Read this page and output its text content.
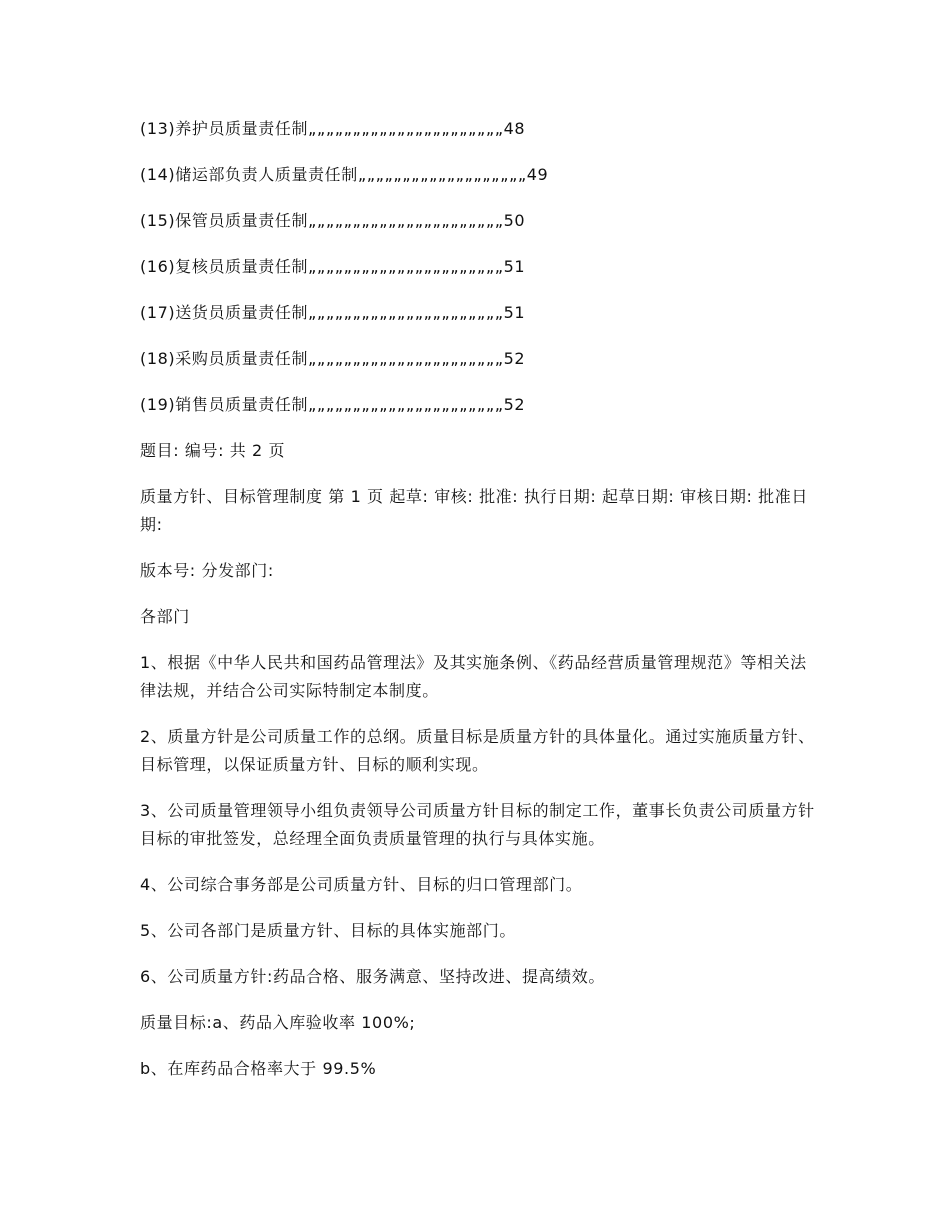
(13)养护员质量责任制„„„„„„„„„„„„„„„„„„„„„„48
(14)储运部负责人质量责任制„„„„„„„„„„„„„„„„„„„49
(15)保管员质量责任制„„„„„„„„„„„„„„„„„„„„„„50
(16)复核员质量责任制„„„„„„„„„„„„„„„„„„„„„„51
(17)送货员质量责任制„„„„„„„„„„„„„„„„„„„„„„51
(18)采购员质量责任制„„„„„„„„„„„„„„„„„„„„„„52
(19)销售员质量责任制„„„„„„„„„„„„„„„„„„„„„„52
题目: 编号: 共 2 页
质量方针、目标管理制度 第 1 页 起草: 审核: 批准: 执行日期: 起草日期: 审核日期: 批准日期:
版本号: 分发部门:
各部门
1、根据《中华人民共和国药品管理法》及其实施条例、《药品经营质量管理规范》等相关法律法规，并结合公司实际特制定本制度。
2、质量方针是公司质量工作的总纲。质量目标是质量方针的具体量化。通过实施质量方针、目标管理，以保证质量方针、目标的顺利实现。
3、公司质量管理领导小组负责领导公司质量方针目标的制定工作，董事长负责公司质量方针目标的审批签发，总经理全面负责质量管理的执行与具体实施。
4、公司综合事务部是公司质量方针、目标的归口管理部门。
5、公司各部门是质量方针、目标的具体实施部门。
6、公司质量方针:药品合格、服务满意、坚持改进、提高绩效。
质量目标:a、药品入库验收率 100%;
b、在库药品合格率大于 99.5%
